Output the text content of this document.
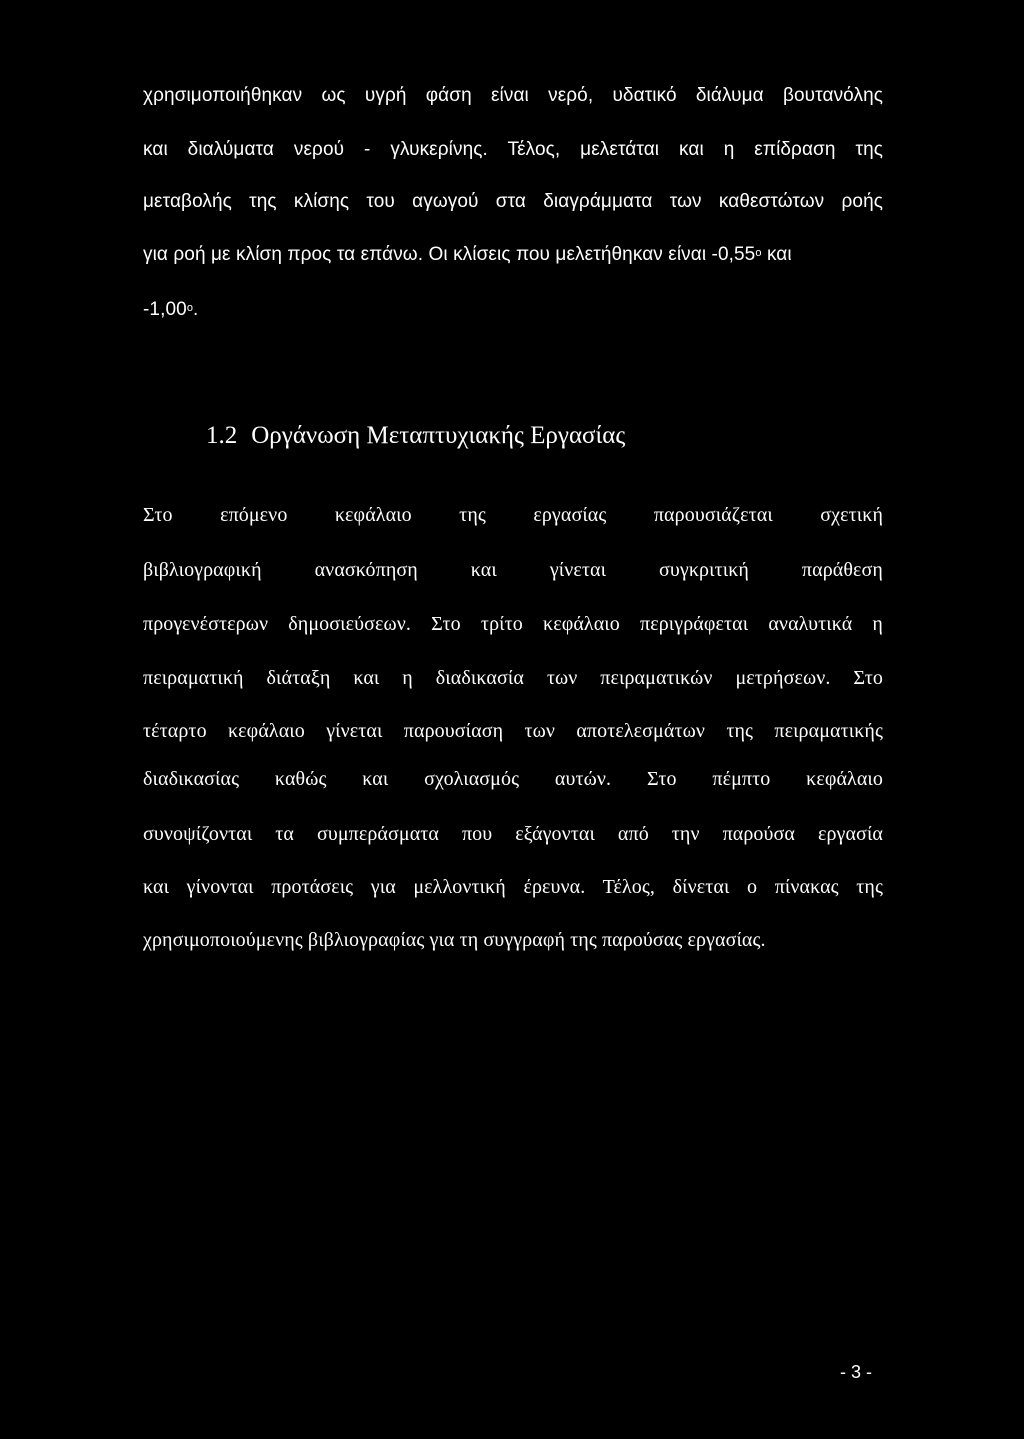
χρησιμοποιήθηκαν ως υγρή φάση είναι νερό, υδατικό διάλυμα βουτανόλης
και διαλύματα νερού - γλυκερίνης. Τέλος, μελετάται και η επίδραση της
μεταβολής της κλίσης του αγωγού στα διαγράμματα των καθεστώτων ροής
για ροή με κλίση προς τα επάνω. Οι κλίσεις που μελετήθηκαν είναι $-0,55^o$ και
$-1,00^o$.
1.2 Οργάνωση Μεταπτυχιακής Εργασίας
Στο επόμενο κεφάλαιο της εργασίας παρουσιάζεται σχετική
βιβλιογραφική ανασκόπηση και γίνεται συγκριτική παράθεση
προγενέστερων δημοσιεύσεων. Στο τρίτο κεφάλαιο περιγράφεται αναλυτικά η
πειραματική διάταξη και η διαδικασία των πειραματικών μετρήσεων. Στο
τέταρτο κεφάλαιο γίνεται παρουσίαση των αποτελεσμάτων της πειραματικής
διαδικασίας καθώς και σχολιασμός αυτών. Στο πέμπτο κεφάλαιο
συνοψίζονται τα συμπεράσματα που εξάγονται από την παρούσα εργασία
και γίνονται προτάσεις για μελλοντική έρευνα. Τέλος, δίνεται ο πίνακας της
χρησιμοποιούμενης βιβλιογραφίας για τη συγγραφή της παρούσας εργασίας.
- 3 -
